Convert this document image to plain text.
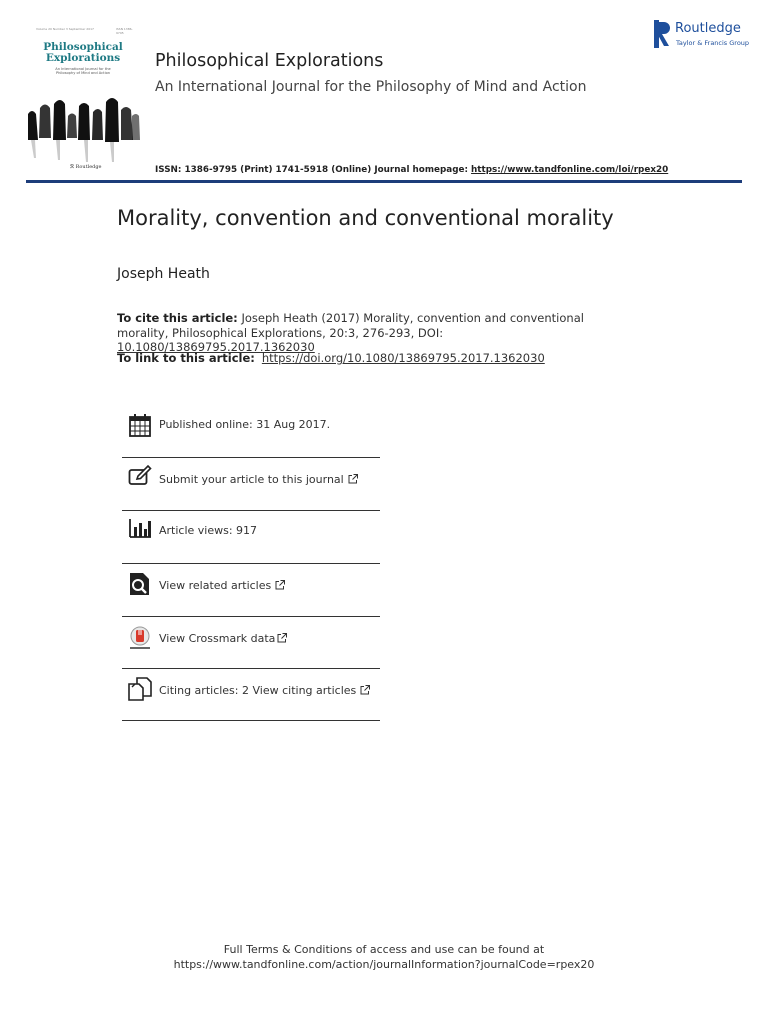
Volume 20 Number 3 September 2017	ISSN 1386-9795
Philosophical
Explorations
An International Journal for the Philosophy of Mind and Action
ℛ Routledge
Philosophical Explorations
An International Journal for the Philosophy of Mind and Action
Routledge
Taylor & Francis Group
ISSN: 1386-9795 (Print) 1741-5918 (Online) Journal homepage: https://www.tandfonline.com/loi/rpex20
Morality, convention and conventional morality
Joseph Heath
To cite this article: Joseph Heath (2017) Morality, convention and conventional morality, Philosophical Explorations, 20:3, 276-293, DOI: 10.1080/13869795.2017.1362030
To link to this article: https://doi.org/10.1080/13869795.2017.1362030
Published online: 31 Aug 2017.
Submit your article to this journal
Article views: 917
View related articles
View Crossmark data
Citing articles: 2 View citing articles
Full Terms & Conditions of access and use can be found at
https://www.tandfonline.com/action/journalInformation?journalCode=rpex20
